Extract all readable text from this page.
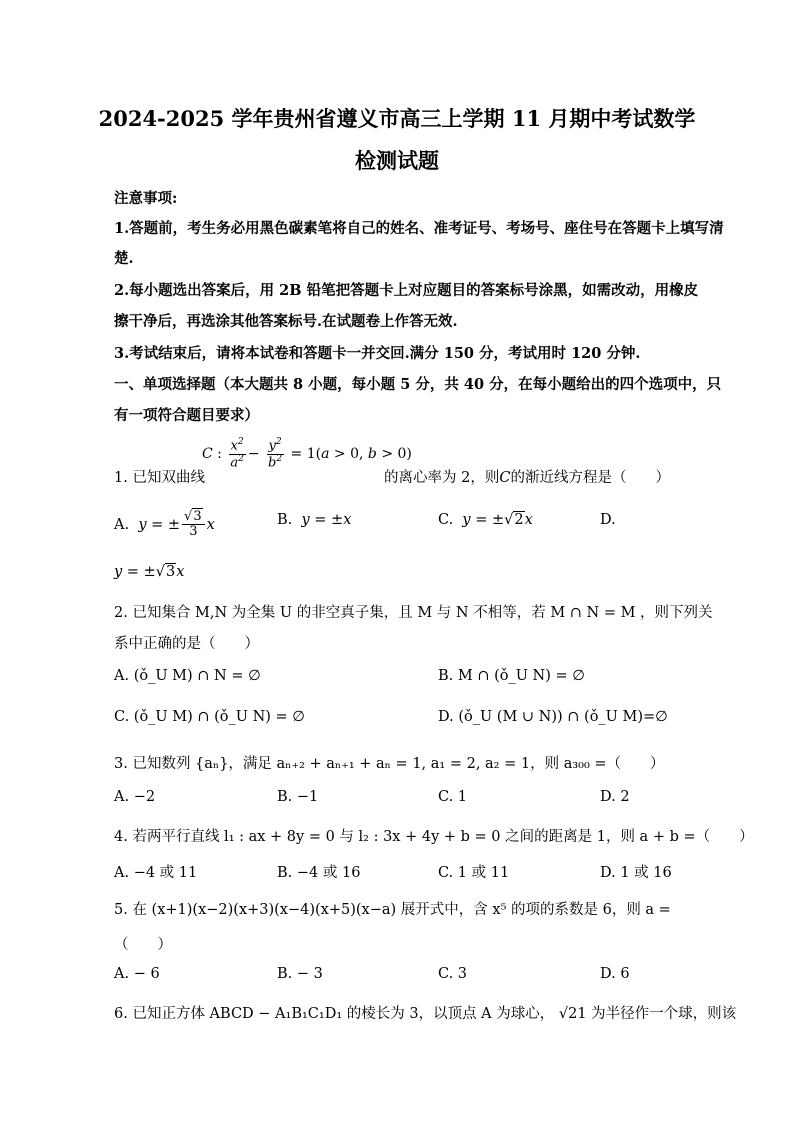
2024-2025 学年贵州省遵义市高三上学期 11 月期中考试数学
检测试题
注意事项:
1.答题前，考生务必用黑色碳素笔将自己的姓名、准考证号、考场号、座住号在答题卡上填写清
楚.
2.每小题选出答案后，用 2B 铅笔把答题卡上对应题目的答案标号涂黑，如需改动，用橡皮
擦干净后，再选涂其他答案标号.在试题卷上作答无效.
3.考试结束后，请将本试卷和答题卡一并交回.满分 150 分，考试用时 120 分钟.
一、单项选择题（本大题共 8 小题，每小题 5 分，共 40 分，在每小题给出的四个选项中，只
有一项符合题目要求）
1. 已知双曲线
C : $\frac{x^2}{a^2} - \frac{y^2}{b^2} = 1(a > 0$, b > 0)
的离心率为 2，则C的渐近线方程是（　　）
A. y = ± $\frac{√3}{3}$ x	B. y = ±x	C. y = ±√2x	D.
y = ±√3x
2. 已知集合 M,N 为全集 U 的非空真子集，且 M 与 N 不相等，若 M ∩ N = M ，则下列关
系中正确的是（　　）
A. (ǒ_U M) ∩ N = ∅	B. M ∩ (ǒ_U N) = ∅
C. (ǒ_U M) ∩ (ǒ_U N) = ∅	D. (ǒ_U (M ∪ N)) ∩ (ǒ_U M)=∅
3. 已知数列 {aₙ}，满足 aₙ₊₂ + aₙ₊₁ + aₙ = 1, a₁ = 2, a₂ = 1，则 a₃₀₀ =（　　）
A. −2	B. −1	C. 1	D. 2
4. 若两平行直线 l₁ : ax + 8y = 0 与 l₂ : 3x + 4y + b = 0 之间的距离是 1，则 a + b =（　　）
A. −4 或 11	B. −4 或 16	C. 1 或 11	D. 1 或 16
5. 在 (x+1)(x−2)(x+3)(x−4)(x+5)(x−a) 展开式中，含 x⁵ 的项的系数是 6，则 a =
（　　）
A. − 6	B. − 3	C. 3	D. 6
6. 已知正方体 ABCD − A₁B₁C₁D₁ 的棱长为 3，以顶点 A 为球心， √21 为半径作一个球，则该
